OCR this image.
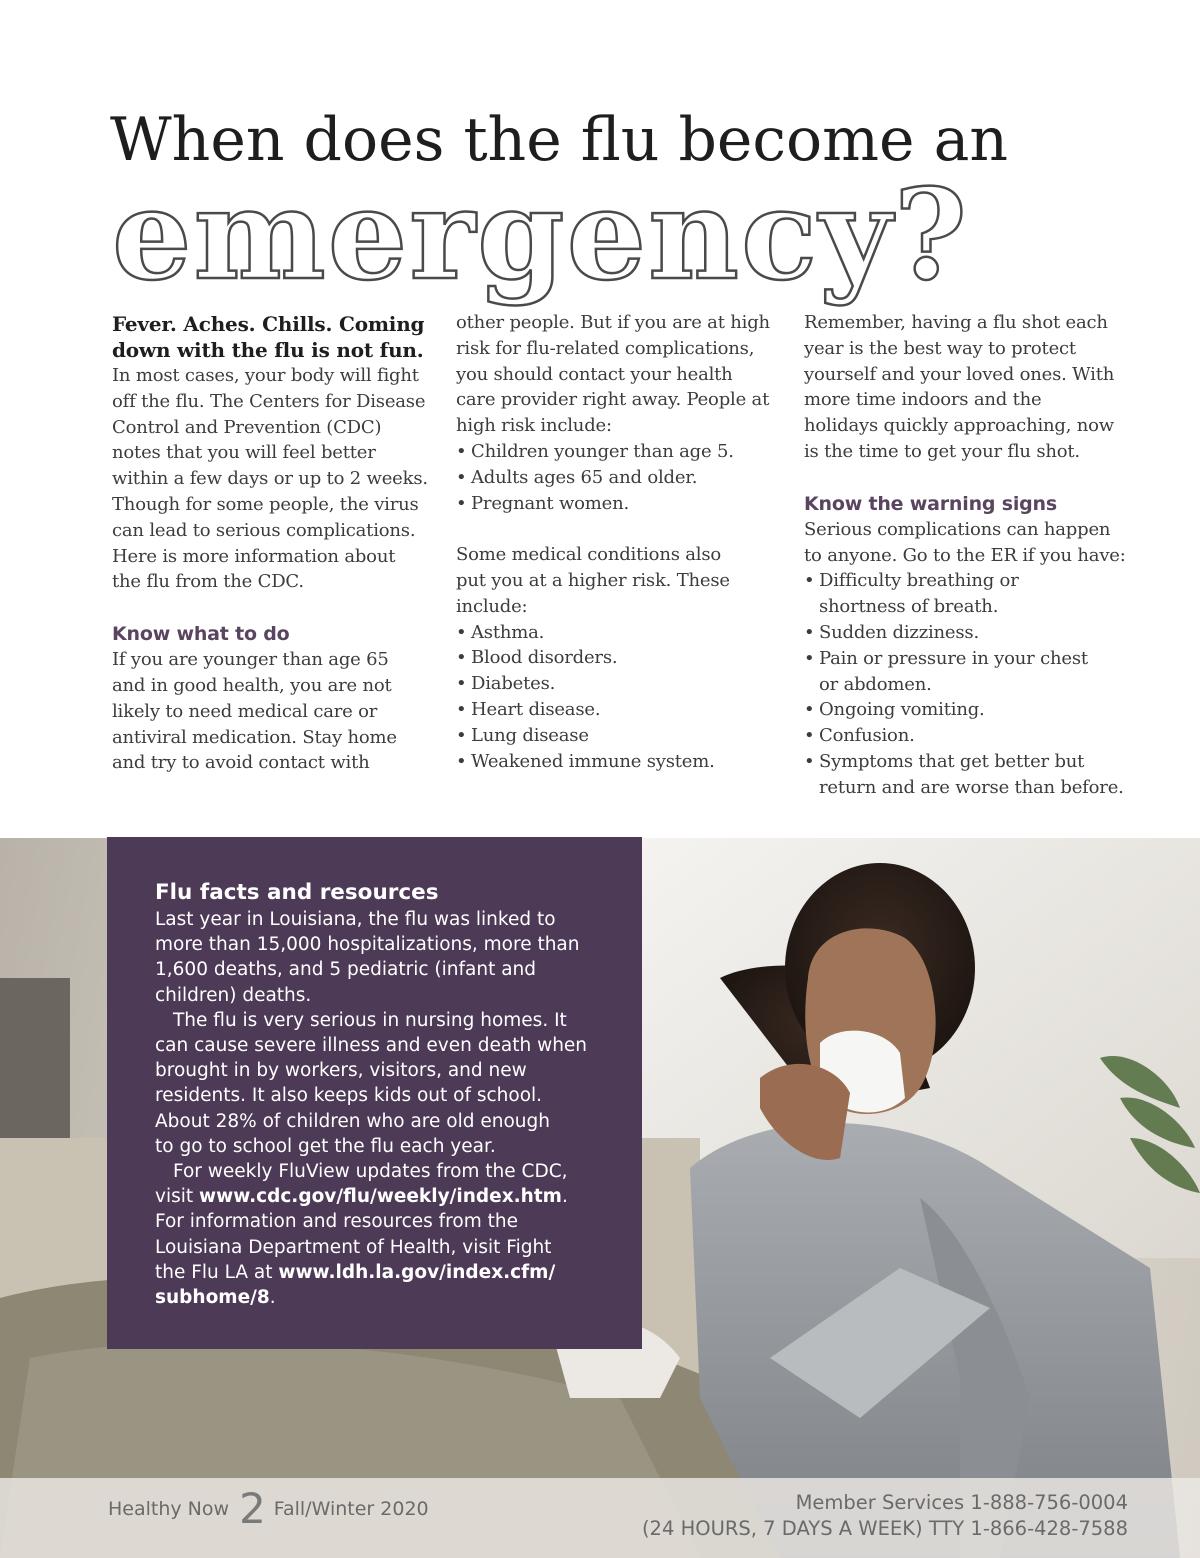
When does the flu become an
emergency?

Fever. Aches. Chills. Coming
down with the flu is not fun.

In most cases, your body will fight
off the flu. The Centers for Disease
Control and Prevention (CDC)
notes that you will feel better
within a few days or up to 2 weeks.
Though for some people, the virus
can lead to serious complications.
Here is more information about
the flu from the CDC.

Know what to do

If you are younger than age 65
and in good health, you are not
likely to need medical care or
antiviral medication. Stay home
and try to avoid contact with

other people. But if you are at high
risk for flu-related complications,
you should contact your health
care provider right away. People at
high risk include:

• Children younger than age 5.
• Adults ages 65 and older.
• Pregnant women.

Some medical conditions also
put you at a higher risk. These
include:

• Asthma.
• Blood disorders.
• Diabetes.
• Heart disease.
• Lung disease
• Weakened immune system.

Remember, having a flu shot each
year is the best way to protect
yourself and your loved ones. With
more time indoors and the
holidays quickly approaching, now
is the time to get your flu shot.

Know the warning signs

Serious complications can happen
to anyone. Go to the ER if you have:

• Difficulty breathing or
shortness of breath.
• Sudden dizziness.
• Pain or pressure in your chest
or abdomen.
• Ongoing vomiting.
• Confusion.
• Symptoms that get better but
return and are worse than before.

Flu facts and resources

Last year in Louisiana, the flu was linked to
more than 15,000 hospitalizations, more than
1,600 deaths, and 5 pediatric (infant and
children) deaths.

The flu is very serious in nursing homes. It
can cause severe illness and even death when
brought in by workers, visitors, and new
residents. It also keeps kids out of school.
About 28% of children who are old enough
to go to school get the flu each year.

For weekly FluView updates from the CDC,
visit www.cdc.gov/flu/weekly/index.htm.

For information and resources from the
Louisiana Department of Health, visit Fight
the Flu LA at www.ldh.la.gov/index.cfm/
subhome/8.

Healthy Now 2 Fall/Winter 2020	Member Services 1-888-756-0004
(24 HOURS, 7 DAYS A WEEK) TTY 1-866-428-7588
